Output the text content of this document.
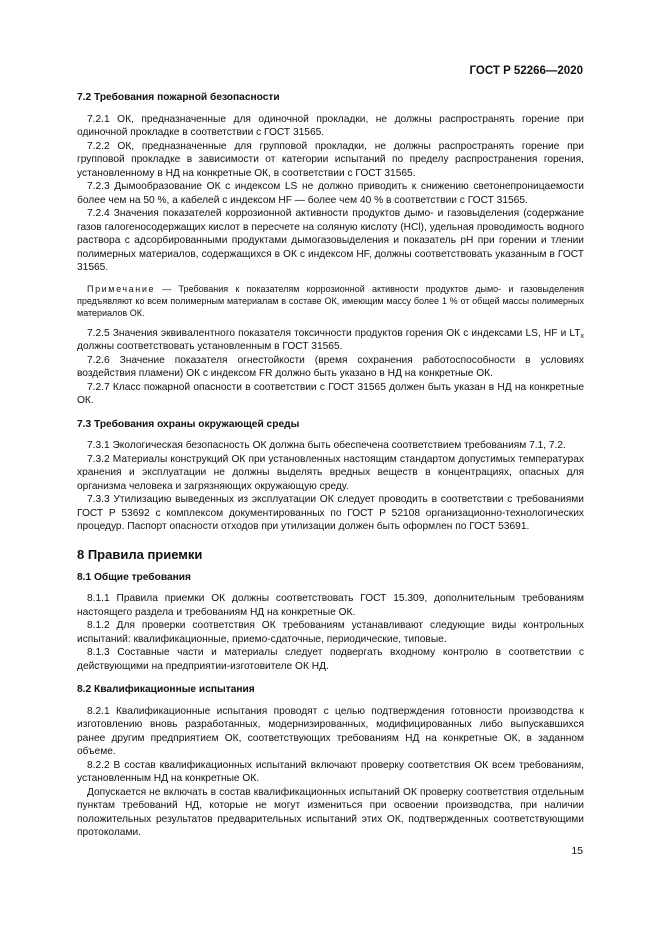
ГОСТ Р 52266—2020
7.2 Требования пожарной безопасности

7.2.1 ОК, предназначенные для одиночной прокладки, не должны распространять горение при одиночной прокладке в соответствии с ГОСТ 31565.

7.2.2 ОК, предназначенные для групповой прокладки, не должны распространять горение при групповой прокладке в зависимости от категории испытаний по пределу распространения горения, установленному в НД на конкретные ОК, в соответствии с ГОСТ 31565.

7.2.3 Дымообразование ОК с индексом LS не должно приводить к снижению светонепроницаемости более чем на 50 %, а кабелей с индексом HF — более чем 40 % в соответствии с ГОСТ 31565.

7.2.4 Значения показателей коррозионной активности продуктов дымо- и газовыделения (содержание газов галогеносодержащих кислот в пересчете на соляную кислоту (HCl), удельная проводимость водного раствора с адсорбированными продуктами дымогазовыделения и показатель pH при горении и тлении полимерных материалов, содержащихся в ОК с индексом HF, должны соответствовать указанным в ГОСТ 31565.

Примечание — Требования к показателям коррозионной активности продуктов дымо- и газовыделения предъявляют ко всем полимерным материалам в составе ОК, имеющим массу более 1 % от общей массы полимерных материалов ОК.

7.2.5 Значения эквивалентного показателя токсичности продуктов горения ОК с индексами LS, HF и $LT_x$ должны соответствовать установленным в ГОСТ 31565.

7.2.6 Значение показателя огнестойкости (время сохранения работоспособности в условиях воздействия пламени) ОК с индексом FR должно быть указано в НД на конкретные ОК.

7.2.7 Класс пожарной опасности в соответствии с ГОСТ 31565 должен быть указан в НД на конкретные ОК.

7.3 Требования охраны окружающей среды

7.3.1 Экологическая безопасность ОК должна быть обеспечена соответствием требованиям 7.1, 7.2.

7.3.2 Материалы конструкций ОК при установленных настоящим стандартом допустимых температурах хранения и эксплуатации не должны выделять вредных веществ в концентрациях, опасных для организма человека и загрязняющих окружающую среду.

7.3.3 Утилизацию выведенных из эксплуатации ОК следует проводить в соответствии с требованиями ГОСТ Р 53692 с комплексом документированных по ГОСТ Р 52108 организационно-технологических процедур. Паспорт опасности отходов при утилизации должен быть оформлен по ГОСТ 53691.

8 Правила приемки
8.1 Общие требования

8.1.1 Правила приемки ОК должны соответствовать ГОСТ 15.309, дополнительным требованиям настоящего раздела и требованиям НД на конкретные ОК.

8.1.2 Для проверки соответствия ОК требованиям устанавливают следующие виды контрольных испытаний: квалификационные, приемо-сдаточные, периодические, типовые.

8.1.3 Составные части и материалы следует подвергать входному контролю в соответствии с действующими на предприятии-изготовителе ОК НД.

8.2 Квалификационные испытания

8.2.1 Квалификационные испытания проводят с целью подтверждения готовности производства к изготовлению вновь разработанных, модернизированных, модифицированных либо выпускавшихся ранее другим предприятием ОК, соответствующих требованиям НД на конкретные ОК, в заданном объеме.

8.2.2 В состав квалификационных испытаний включают проверку соответствия ОК всем требованиям, установленным НД на конкретные ОК.

Допускается не включать в состав квалификационных испытаний ОК проверку соответствия отдельным пунктам требований НД, которые не могут измениться при освоении производства, при наличии положительных результатов предварительных испытаний этих ОК, подтвержденных соответствующими протоколами.

15
